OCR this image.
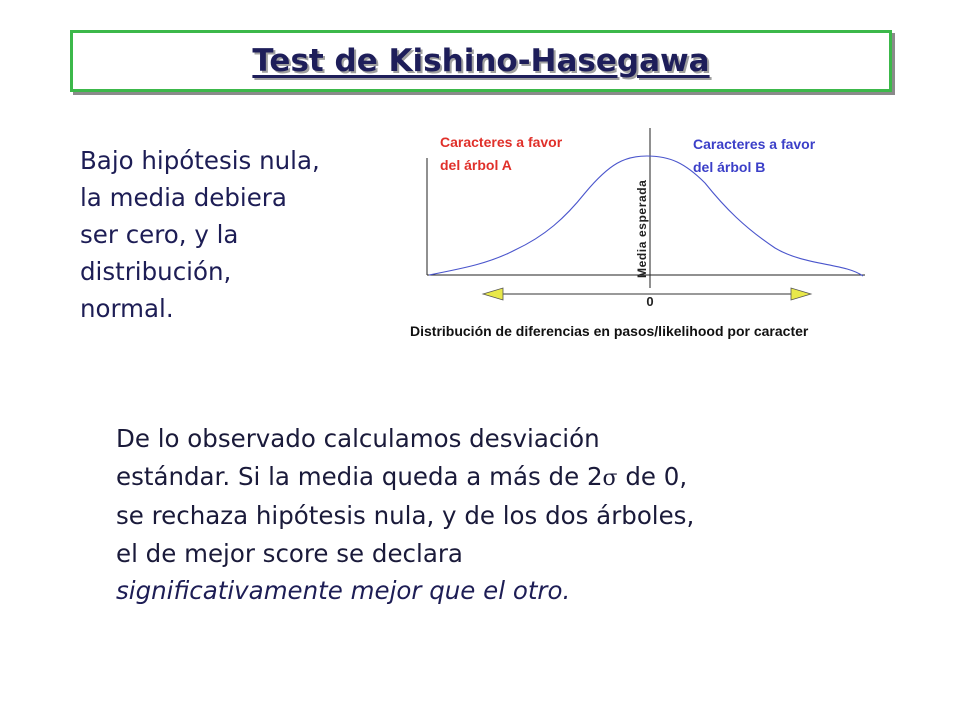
Test de Kishino-Hasegawa
Bajo hipótesis nula,
la media debiera
ser cero, y la
distribución,
normal.
Caracteres a favor
del árbol A
Caracteres a favor
del árbol B
Media esperada
0
Distribución de diferencias en pasos/likelihood por caracter
De lo observado calculamos desviación
estándar. Si la media queda a más de 2σ de 0,
se rechaza hipótesis nula, y de los dos árboles,
el de mejor score se declara
significativamente mejor que el otro.
